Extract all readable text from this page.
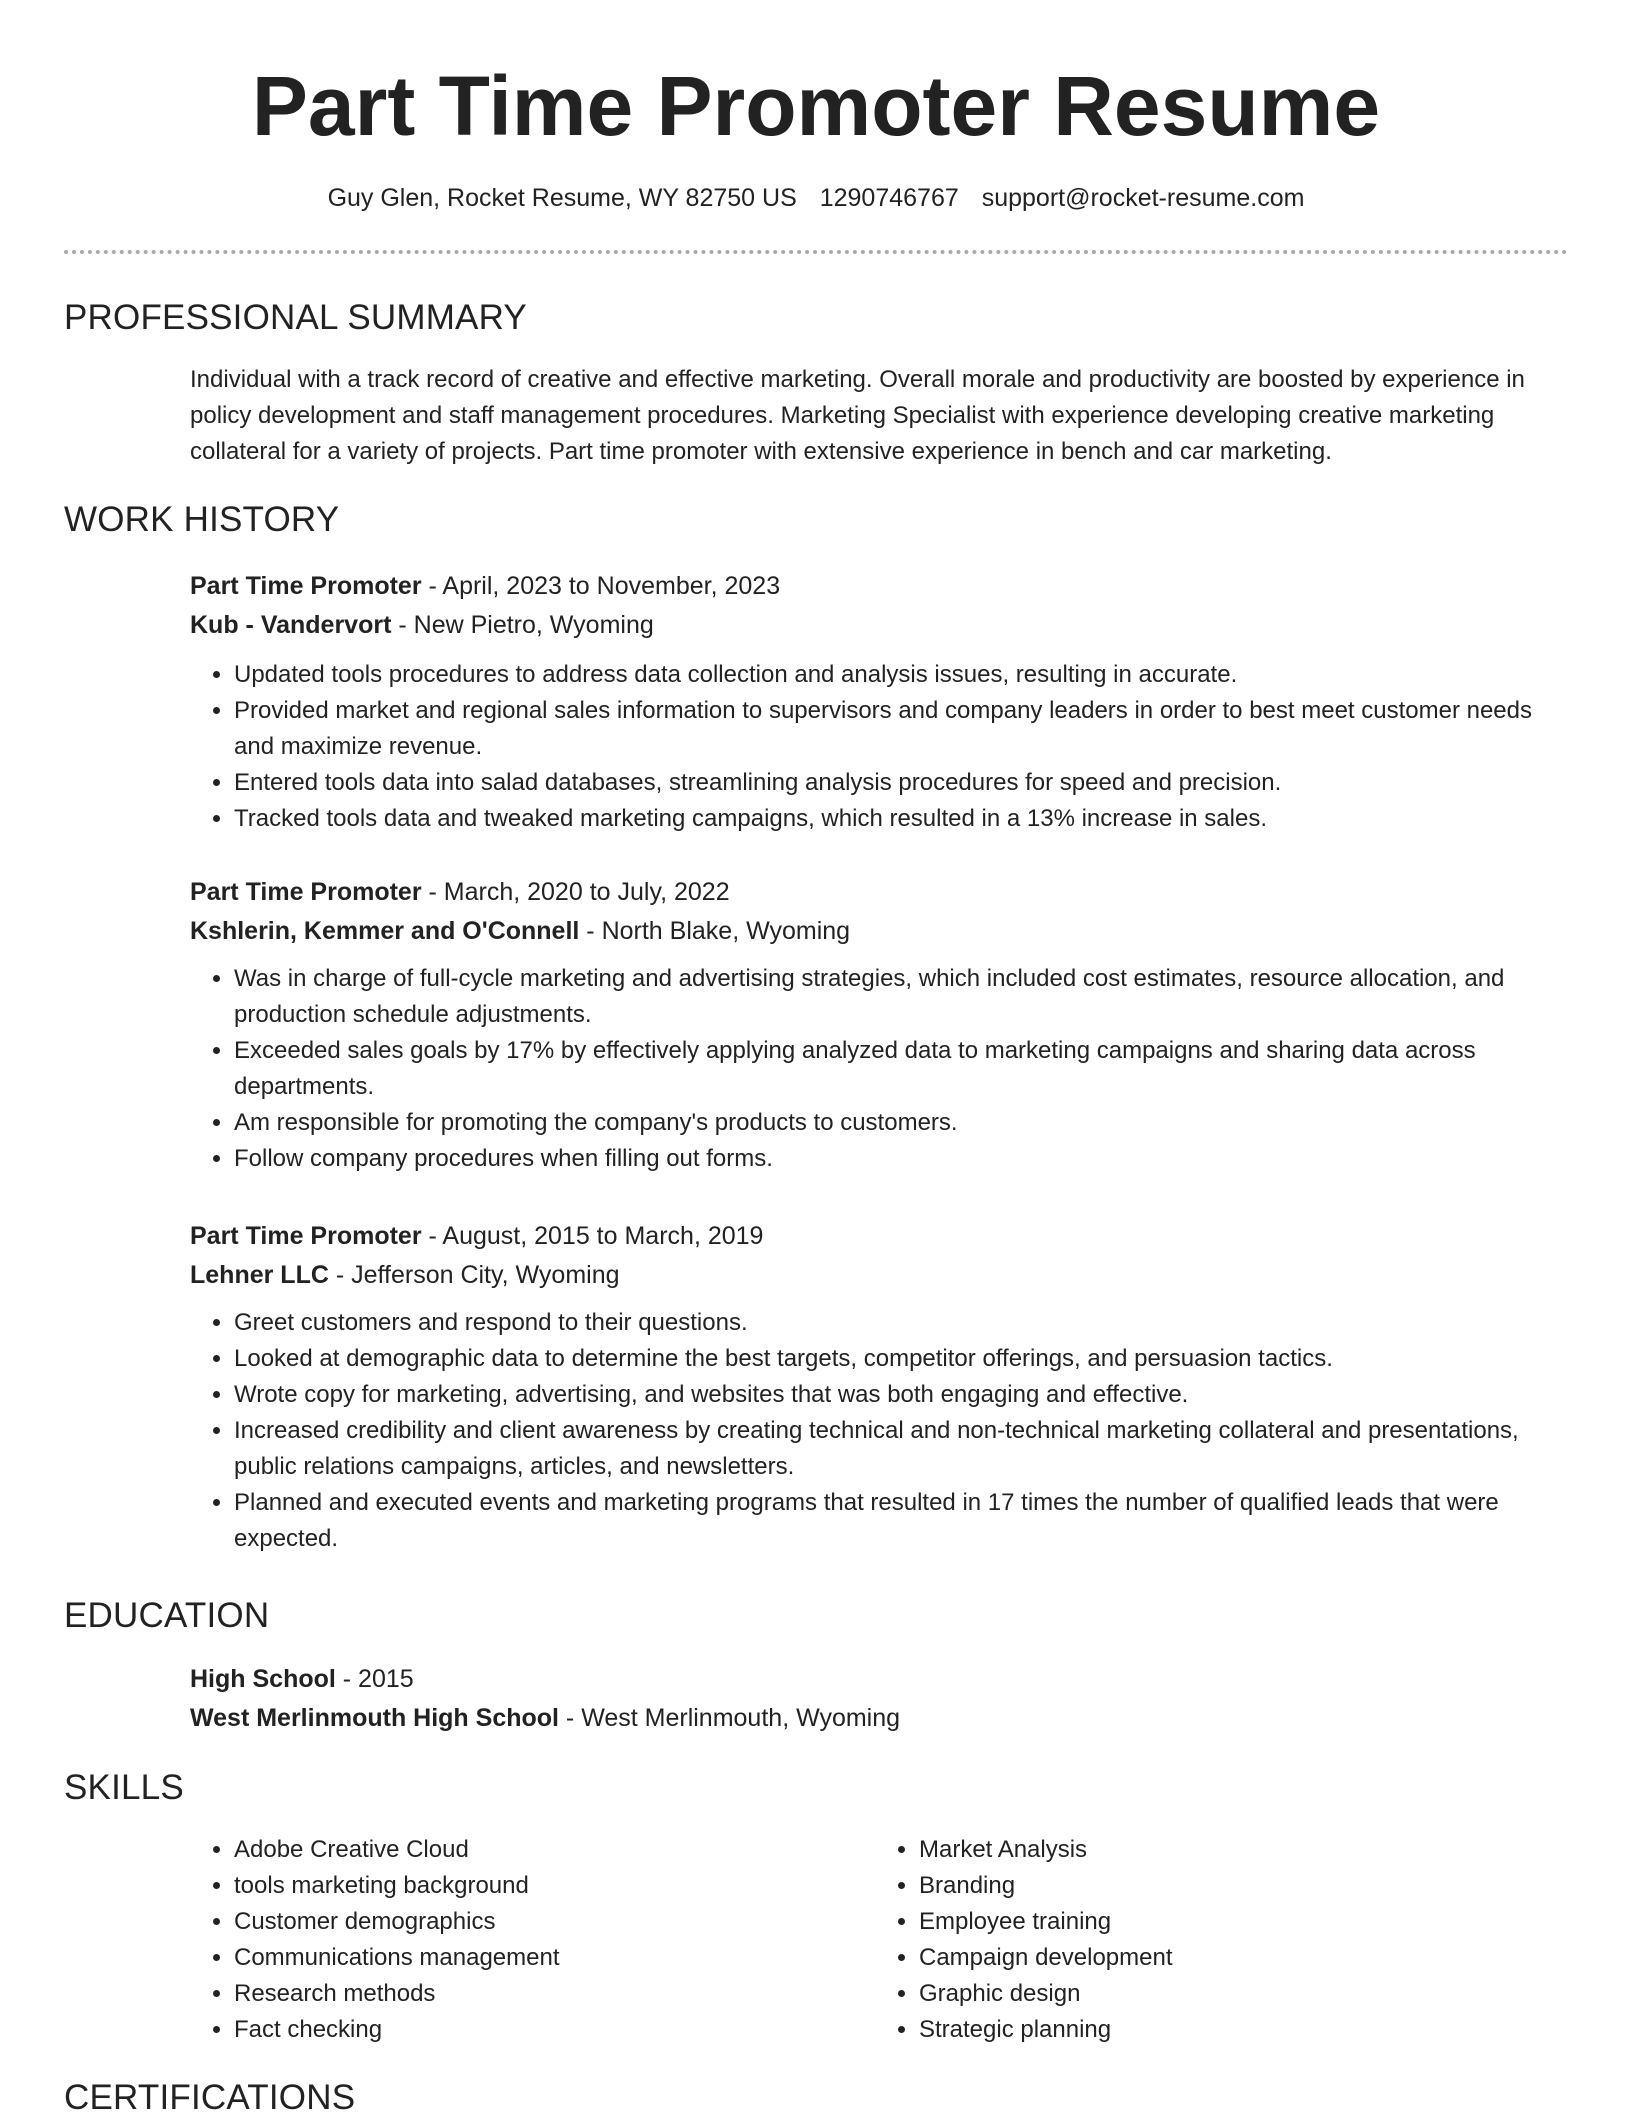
Part Time Promoter Resume
Guy Glen, Rocket Resume, WY 82750 US 1290746767 support@rocket-resume.com
PROFESSIONAL SUMMARY

Individual with a track record of creative and effective marketing. Overall morale and productivity are boosted by experience in policy development and staff management procedures. Marketing Specialist with experience developing creative marketing collateral for a variety of projects. Part time promoter with extensive experience in bench and car marketing.

WORK HISTORY
Part Time Promoter - April, 2023 to November, 2023
Kub - Vandervort - New Pietro, Wyoming
• Updated tools procedures to address data collection and analysis issues, resulting in accurate.
• Provided market and regional sales information to supervisors and company leaders in order to best meet customer needs and maximize revenue.
• Entered tools data into salad databases, streamlining analysis procedures for speed and precision.
• Tracked tools data and tweaked marketing campaigns, which resulted in a 13% increase in sales.
Part Time Promoter - March, 2020 to July, 2022
Kshlerin, Kemmer and O'Connell - North Blake, Wyoming
• Was in charge of full-cycle marketing and advertising strategies, which included cost estimates, resource allocation, and production schedule adjustments.
• Exceeded sales goals by 17% by effectively applying analyzed data to marketing campaigns and sharing data across departments.
• Am responsible for promoting the company's products to customers.
• Follow company procedures when filling out forms.
Part Time Promoter - August, 2015 to March, 2019
Lehner LLC - Jefferson City, Wyoming
• Greet customers and respond to their questions.
• Looked at demographic data to determine the best targets, competitor offerings, and persuasion tactics.
• Wrote copy for marketing, advertising, and websites that was both engaging and effective.
• Increased credibility and client awareness by creating technical and non-technical marketing collateral and presentations, public relations campaigns, articles, and newsletters.
• Planned and executed events and marketing programs that resulted in 17 times the number of qualified leads that were expected.
EDUCATION
High School - 2015
West Merlinmouth High School - West Merlinmouth, Wyoming
SKILLS
• Adobe Creative Cloud
• tools marketing background
• Customer demographics
• Communications management
• Research methods
• Fact checking
• Market Analysis
• Branding
• Employee training
• Campaign development
• Graphic design
• Strategic planning
CERTIFICATIONS
